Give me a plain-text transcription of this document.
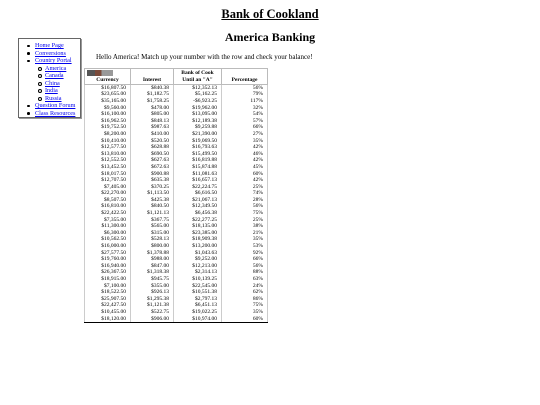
Bank of Cookland
America Banking
Home Page
Conversions
Country Portal
America
Canada
China
India
Russia
Question Forum
Class Resources
Hello America! Match up your number with the row and check your balance!
		Bank of Cook	
Currency	Interest	Until an "A"	Percentage
$16,807.50	$840.38	$12,352.13	56%
$23,655.00	$1,182.75	$5,162.25	79%
$35,165.00	$1,758.25	-$6,923.25	117%
$9,560.00	$478.00	$19,962.00	32%
$16,100.00	$805.00	$13,095.00	54%
$16,962.50	$848.13	$12,189.38	57%
$19,752.50	$987.63	$9,259.88	66%
$8,200.00	$410.00	$21,390.00	27%
$10,410.00	$520.50	$19,069.50	35%
$12,577.50	$628.88	$16,793.63	42%
$13,810.00	$690.50	$15,499.50	46%
$12,552.50	$627.63	$16,819.88	42%
$13,452.50	$672.63	$15,874.88	45%
$18,017.50	$900.88	$11,081.63	60%
$12,707.50	$635.38	$16,657.13	42%
$7,405.00	$370.25	$22,224.75	25%
$22,270.00	$1,113.50	$6,616.50	74%
$8,507.50	$425.38	$21,067.13	28%
$16,810.00	$840.50	$12,349.50	56%
$22,422.50	$1,121.13	$6,456.38	75%
$7,355.00	$367.75	$22,277.25	25%
$11,300.00	$565.00	$18,135.00	38%
$6,300.00	$315.00	$23,385.00	21%
$10,562.50	$528.13	$18,909.38	35%
$16,000.00	$800.00	$13,200.00	53%
$27,577.50	$1,378.88	$1,043.63	92%
$19,760.00	$988.00	$9,252.00	66%
$16,940.00	$847.00	$12,213.00	56%
$26,367.50	$1,318.38	$2,314.13	88%
$18,915.00	$945.75	$10,139.25	63%
$7,100.00	$355.00	$22,545.00	24%
$18,522.50	$926.13	$10,551.38	62%
$25,907.50	$1,295.38	$2,797.13	86%
$22,427.50	$1,121.38	$6,451.13	75%
$10,455.00	$522.75	$19,022.25	35%
$18,120.00	$906.00	$10,974.00	60%
